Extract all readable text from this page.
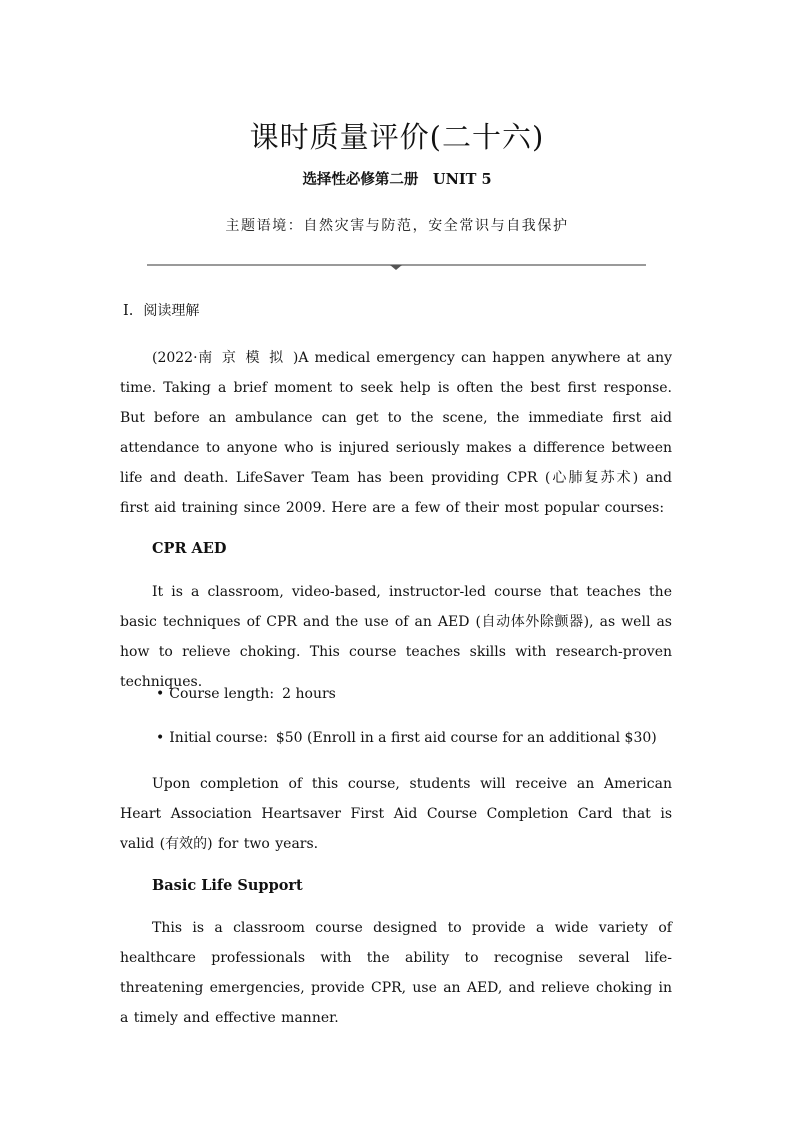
课时质量评价(二十六)
选择性必修第二册　UNIT 5
主题语境：自然灾害与防范，安全常识与自我保护
Ⅰ. 阅读理解

(2022·南京模拟)A medical emergency can happen anywhere at any time. Taking a brief moment to seek help is often the best first response. But before an ambulance can get to the scene, the immediate first aid attendance to anyone who is injured seriously makes a difference between life and death. LifeSaver Team has been providing CPR (心肺复苏术) and first aid training since 2009. Here are a few of their most popular courses:

CPR AED

It is a classroom, video-based, instructor-led course that teaches the basic techniques of CPR and the use of an AED (自动体外除颤器), as well as how to relieve choking. This course teaches skills with research-proven techniques.

• Course length: 2 hours
• Initial course: $50 (Enroll in a first aid course for an additional $30)

Upon completion of this course, students will receive an American Heart Association Heartsaver First Aid Course Completion Card that is valid (有效的) for two years.

Basic Life Support

This is a classroom course designed to provide a wide variety of healthcare professionals with the ability to recognise several life-threatening emergencies, provide CPR, use an AED, and relieve choking in a timely and effective manner.
